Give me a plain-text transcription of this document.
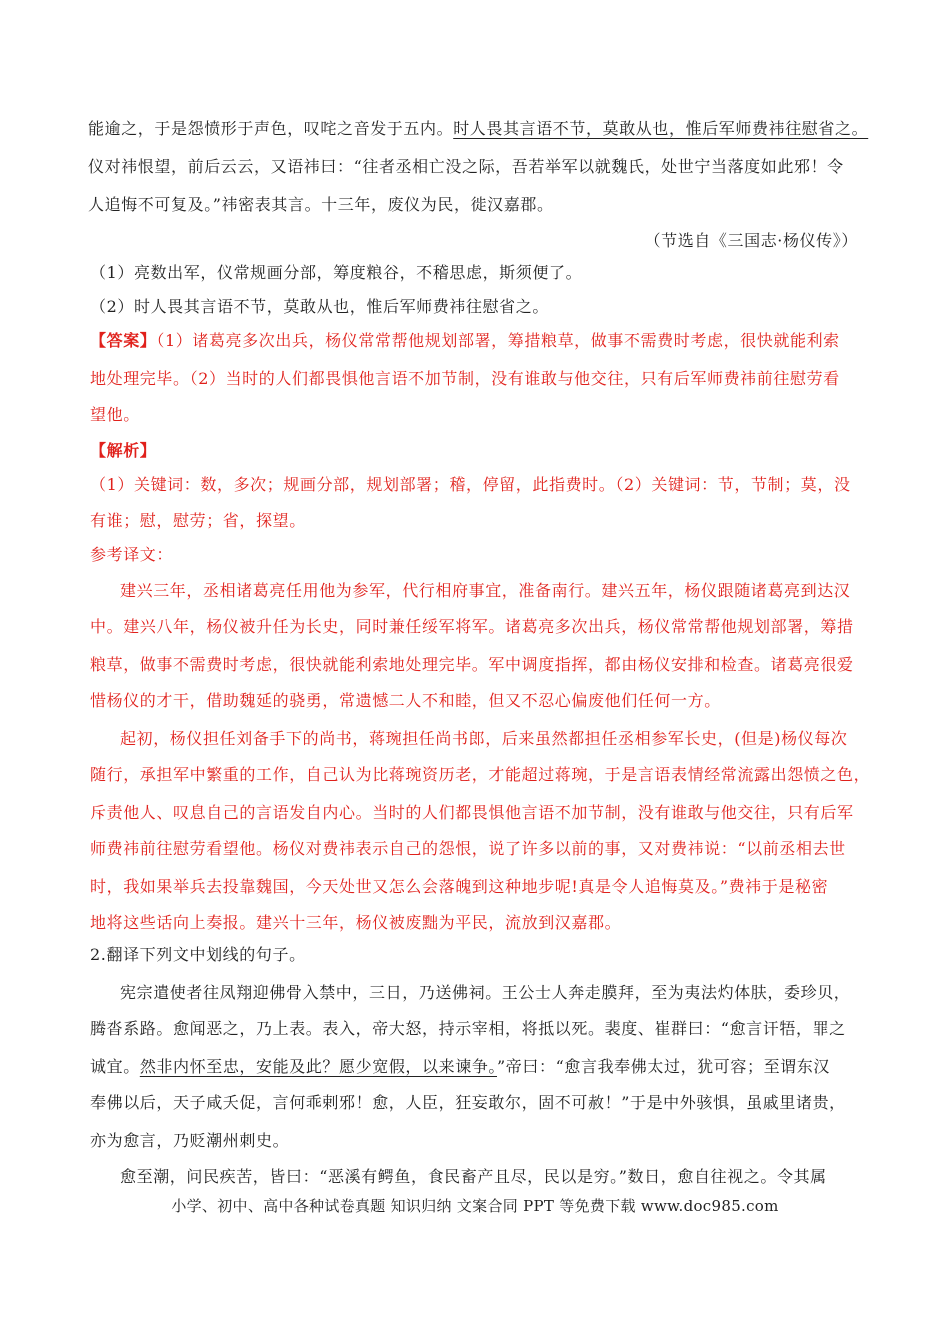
能逾之，于是怨愤形于声色，叹咤之音发于五内。时人畏其言语不节，莫敢从也，惟后军师费祎往慰省之。
仪对祎恨望，前后云云，又语祎曰：“往者丞相亡没之际，吾若举军以就魏氏，处世宁当落度如此邪！令
人追悔不可复及。”祎密表其言。十三年，废仪为民，徙汉嘉郡。
（节选自《三国志·杨仪传》）
（1）亮数出军，仪常规画分部，筹度粮谷，不稽思虑，斯须便了。
（2）时人畏其言语不节，莫敢从也，惟后军师费祎往慰省之。
【答案】（1）诸葛亮多次出兵，杨仪常常帮他规划部署，筹措粮草，做事不需费时考虑，很快就能利索
地处理完毕。（2）当时的人们都畏惧他言语不加节制，没有谁敢与他交往，只有后军师费祎前往慰劳看
望他。
【解析】
（1）关键词：数，多次；规画分部，规划部署；稽，停留，此指费时。（2）关键词：节，节制；莫，没
有谁；慰，慰劳；省，探望。
参考译文：
建兴三年，丞相诸葛亮任用他为参军，代行相府事宜，准备南行。建兴五年，杨仪跟随诸葛亮到达汉
中。建兴八年，杨仪被升任为长史，同时兼任绥军将军。诸葛亮多次出兵，杨仪常常帮他规划部署，筹措
粮草，做事不需费时考虑，很快就能利索地处理完毕。军中调度指挥，都由杨仪安排和检查。诸葛亮很爱
惜杨仪的才干，借助魏延的骁勇，常遗憾二人不和睦，但又不忍心偏废他们任何一方。
起初，杨仪担任刘备手下的尚书，蒋琬担任尚书郎，后来虽然都担任丞相参军长史，(但是)杨仪每次
随行，承担军中繁重的工作，自己认为比蒋琬资历老，才能超过蒋琬，于是言语表情经常流露出怨愤之色，
斥责他人、叹息自己的言语发自内心。当时的人们都畏惧他言语不加节制，没有谁敢与他交往，只有后军
师费祎前往慰劳看望他。杨仪对费祎表示自己的怨恨，说了许多以前的事，又对费祎说：“以前丞相去世
时，我如果举兵去投靠魏国，今天处世又怎么会落魄到这种地步呢!真是令人追悔莫及。”费祎于是秘密
地将这些话向上奏报。建兴十三年，杨仪被废黜为平民，流放到汉嘉郡。
2.翻译下列文中划线的句子。
宪宗遣使者往凤翔迎佛骨入禁中，三日，乃送佛祠。王公士人奔走膜拜，至为夷法灼体肤，委珍贝，
腾沓系路。愈闻恶之，乃上表。表入，帝大怒，持示宰相，将抵以死。裴度、崔群曰：“愈言讦牾，罪之
诚宜。然非内怀至忠，安能及此？愿少宽假，以来谏争。”帝曰：“愈言我奉佛太过，犹可容；至谓东汉
奉佛以后，天子咸夭促，言何乖剌邪！愈，人臣，狂妄敢尔，固不可赦！”于是中外骇惧，虽戚里诸贵，
亦为愈言，乃贬潮州刺史。
愈至潮，问民疾苦，皆曰：“恶溪有鳄鱼，食民畜产且尽，民以是穷。”数日，愈自往视之。令其属
小学、初中、高中各种试卷真题 知识归纳 文案合同 PPT 等免费下载 www.doc985.com
